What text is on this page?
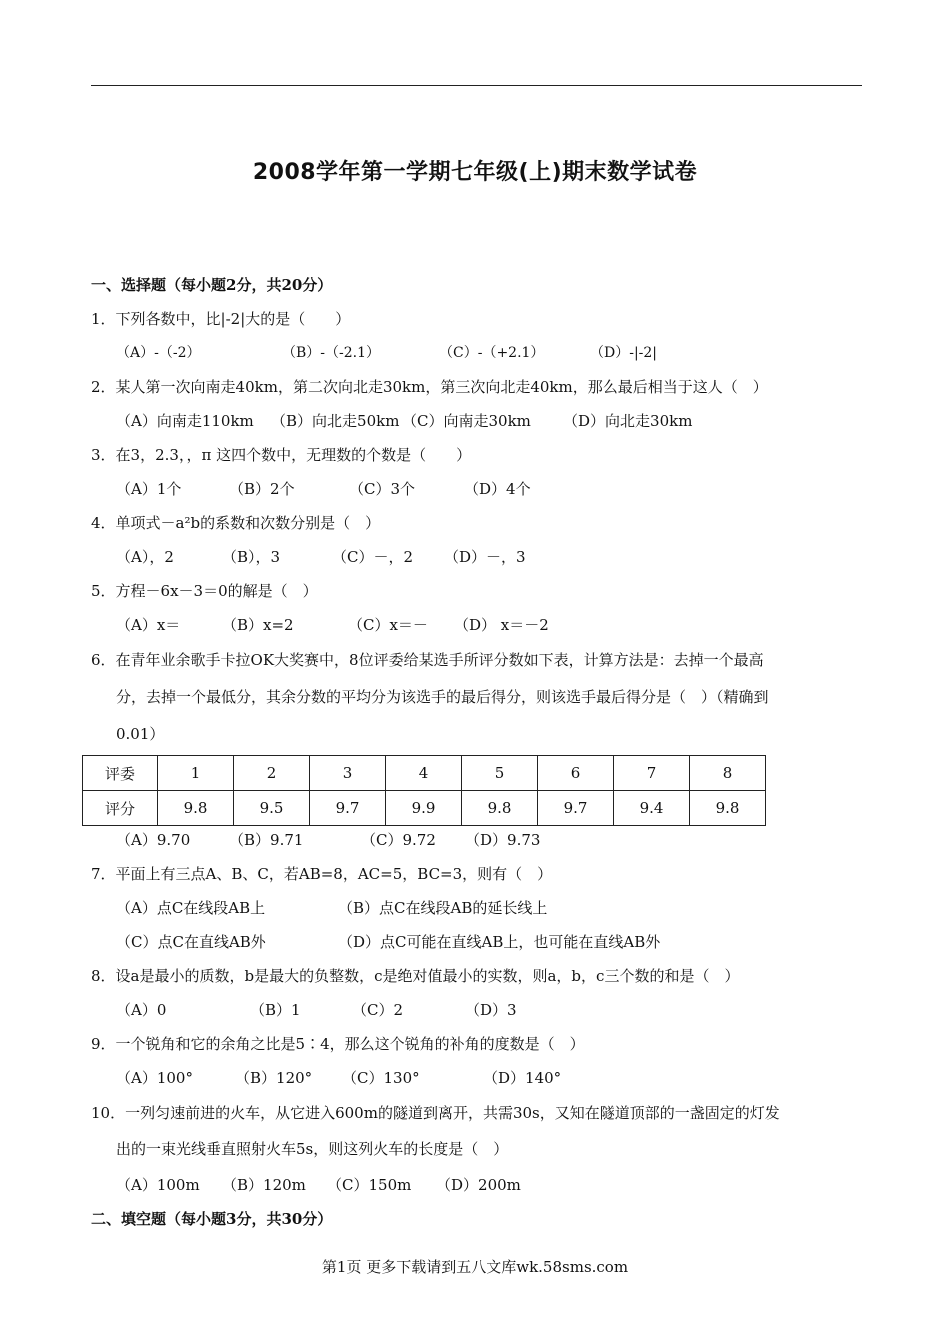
2008学年第一学期七年级(上)期末数学试卷
一、选择题（每小题2分，共20分）
1．下列各数中，比|-2|大的是（　　）
（A）-（-2）	（B）-（-2.1）	（C）-（+2.1）	（D）-|-2|
2．某人第一次向南走40km，第二次向北走30km，第三次向北走40km，那么最后相当于这人（　）
（A）向南走110km （B）向北走50km （C）向南走30km （D）向北走30km
3．在3，2.3，，π 这四个数中，无理数的个数是（　　）
（A）1个	（B）2个	（C）3个	（D）4个
4．单项式－a²b的系数和次数分别是（　）
（A），2	（B），3	（C）－，2 （D）－，3
5．方程－6x－3＝0的解是（　）
（A）x＝	（B）x=2	（C）x＝－ （D） x＝－2
6．在青年业余歌手卡拉OK大奖赛中，8位评委给某选手所评分数如下表，计算方法是：去掉一个最高
分，去掉一个最低分，其余分数的平均分为该选手的最后得分，则该选手最后得分是（　）（精确到
0.01）
评委	1	2	3	4	5	6	7	8
评分	9.8	9.5	9.7	9.9	9.8	9.7	9.4	9.8
（A）9.70	（B）9.71	（C）9.72 （D）9.73
7．平面上有三点A、B、C，若AB=8，AC=5，BC=3，则有（　）
（A）点C在线段AB上	（B）点C在线段AB的延长线上
（C）点C在直线AB外	（D）点C可能在直线AB上，也可能在直线AB外
8．设a是最小的质数，b是最大的负整数，c是绝对值最小的实数，则a，b，c三个数的和是（　）
（A）0	（B）1	（C）2	（D）3
9．一个锐角和它的余角之比是5∶4，那么这个锐角的补角的度数是（　）
（A）100°	（B）120° （C）130°	（D）140°
10．一列匀速前进的火车，从它进入600m的隧道到离开，共需30s，又知在隧道顶部的一盏固定的灯发
出的一束光线垂直照射火车5s，则这列火车的长度是（　）
（A）100m （B）120m （C）150m （D）200m
二、填空题（每小题3分，共30分）
第1页 更多下载请到五八文库wk.58sms.com
